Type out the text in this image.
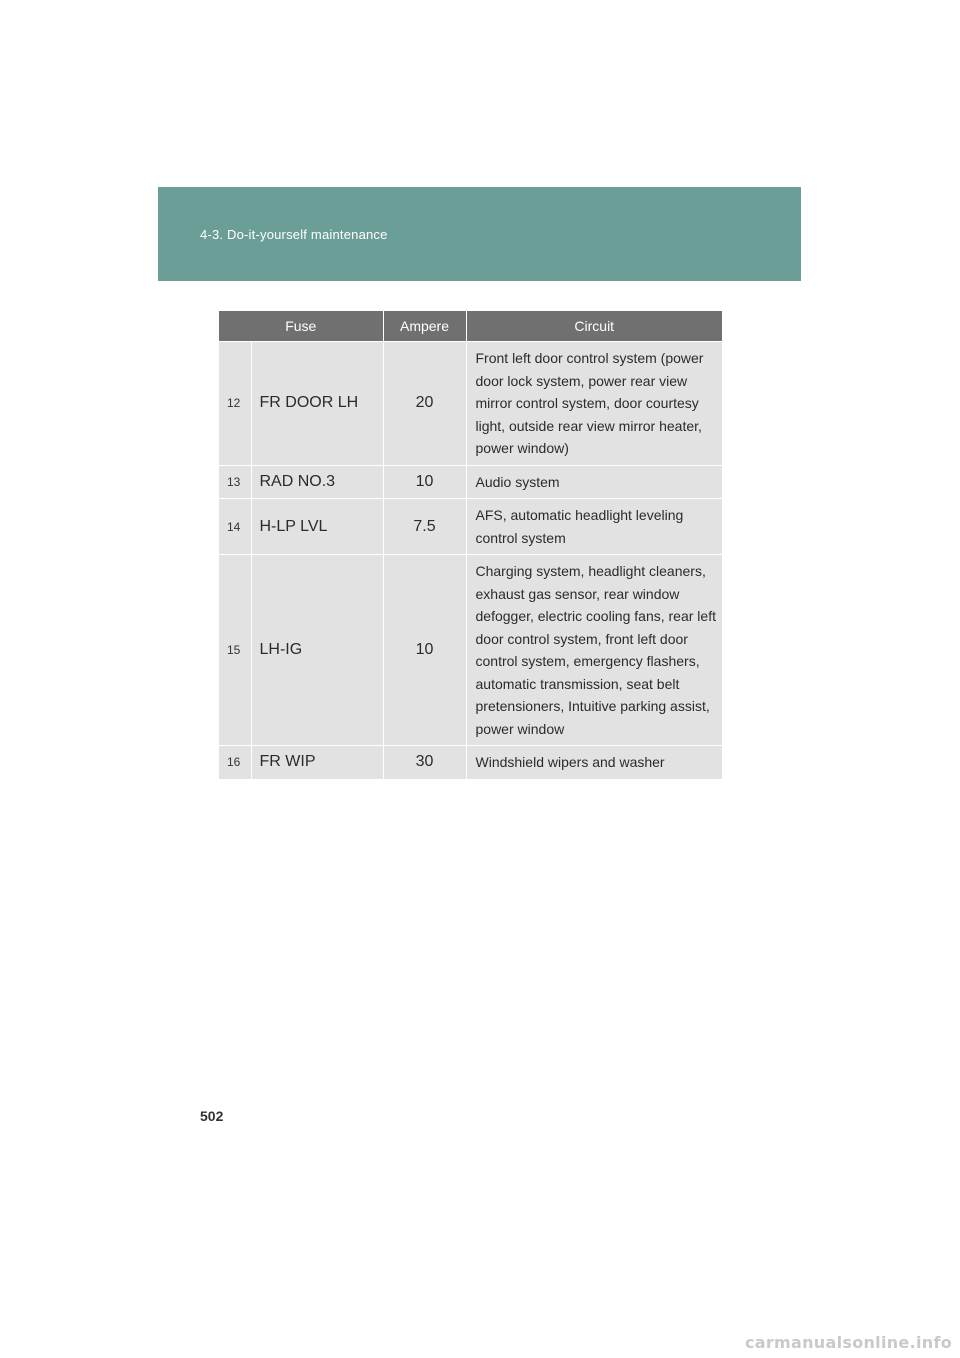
4-3. Do-it-yourself maintenance
Fuse		Ampere	Circuit
12	FR DOOR LH	20	Front left door control system (power door lock system, power rear view mirror control system, door courtesy light, outside rear view mirror heater, power window)
13	RAD NO.3	10	Audio system
14	H-LP LVL	7.5	AFS, automatic headlight leveling control system
15	LH-IG	10	Charging system, headlight cleaners, exhaust gas sensor, rear window defogger, electric cooling fans, rear left door control system, front left door control system, emergency flashers, automatic transmission, seat belt pretensioners, Intuitive parking assist, power window
16	FR WIP	30	Windshield wipers and washer
502
carmanualsonline.info
